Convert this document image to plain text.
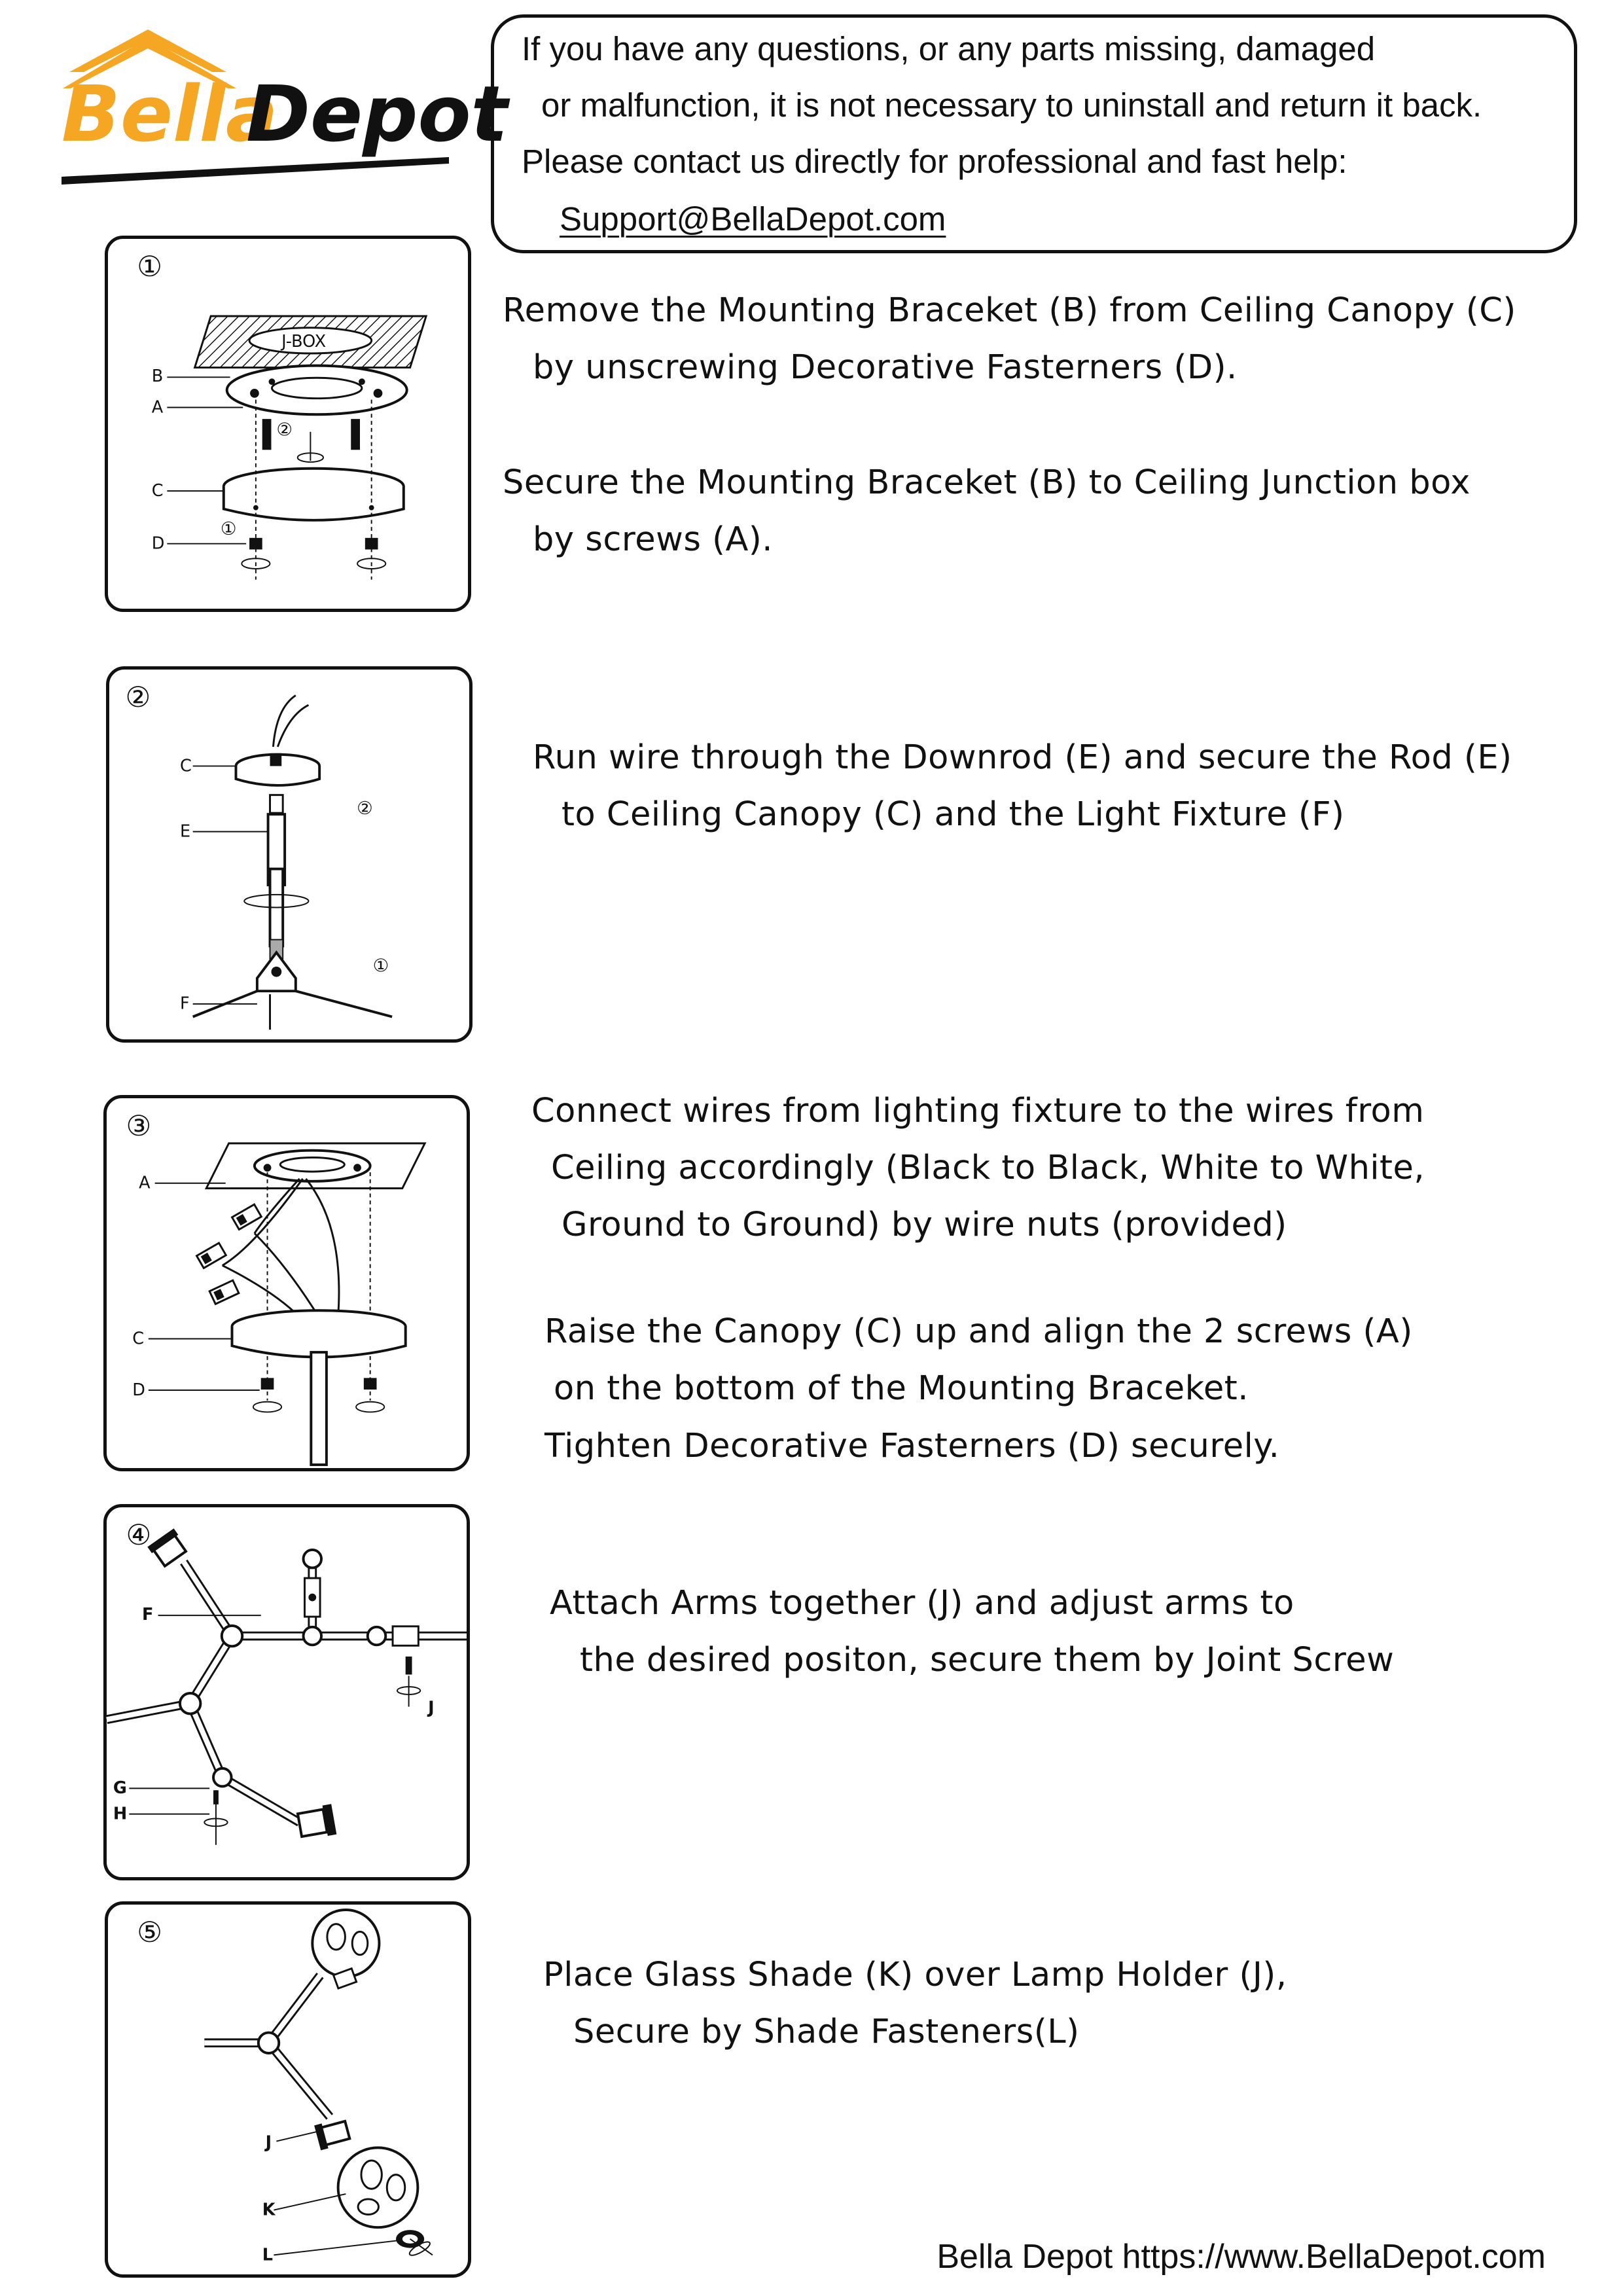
Bella
Depot
If you have any questions, or any parts missing, damaged
or malfunction, it is not necessary to uninstall and return it back.
Please contact us directly for professional and fast help:
Support@BellaDepot.com
①
J-BOX
②
①
B
A
C
D
Remove the Mounting Braceket (B) from Ceiling Canopy (C)
by unscrewing Decorative Fasterners (D).
Secure the Mounting Braceket (B) to Ceiling Junction box
by screws (A).
②
②
①
C
E
F
Run wire through the Downrod (E) and secure the Rod (E)
to Ceiling Canopy (C) and the Light Fixture (F)
③
A
C
D
Connect wires from lighting fixture to the wires from
Ceiling accordingly (Black to Black, White to White,
Ground to Ground) by wire nuts (provided)
Raise the Canopy (C) up and align the 2 screws (A)
on the bottom of the Mounting Braceket.
Tighten Decorative Fasterners (D) securely.
④
F
G
H
J
Attach Arms together (J) and adjust arms to
the desired positon, secure them by Joint Screw
⑤
J
K
L
Place Glass Shade (K) over Lamp Holder (J),
Secure by Shade Fasteners(L)
Bella Depot https://www.BellaDepot.com
